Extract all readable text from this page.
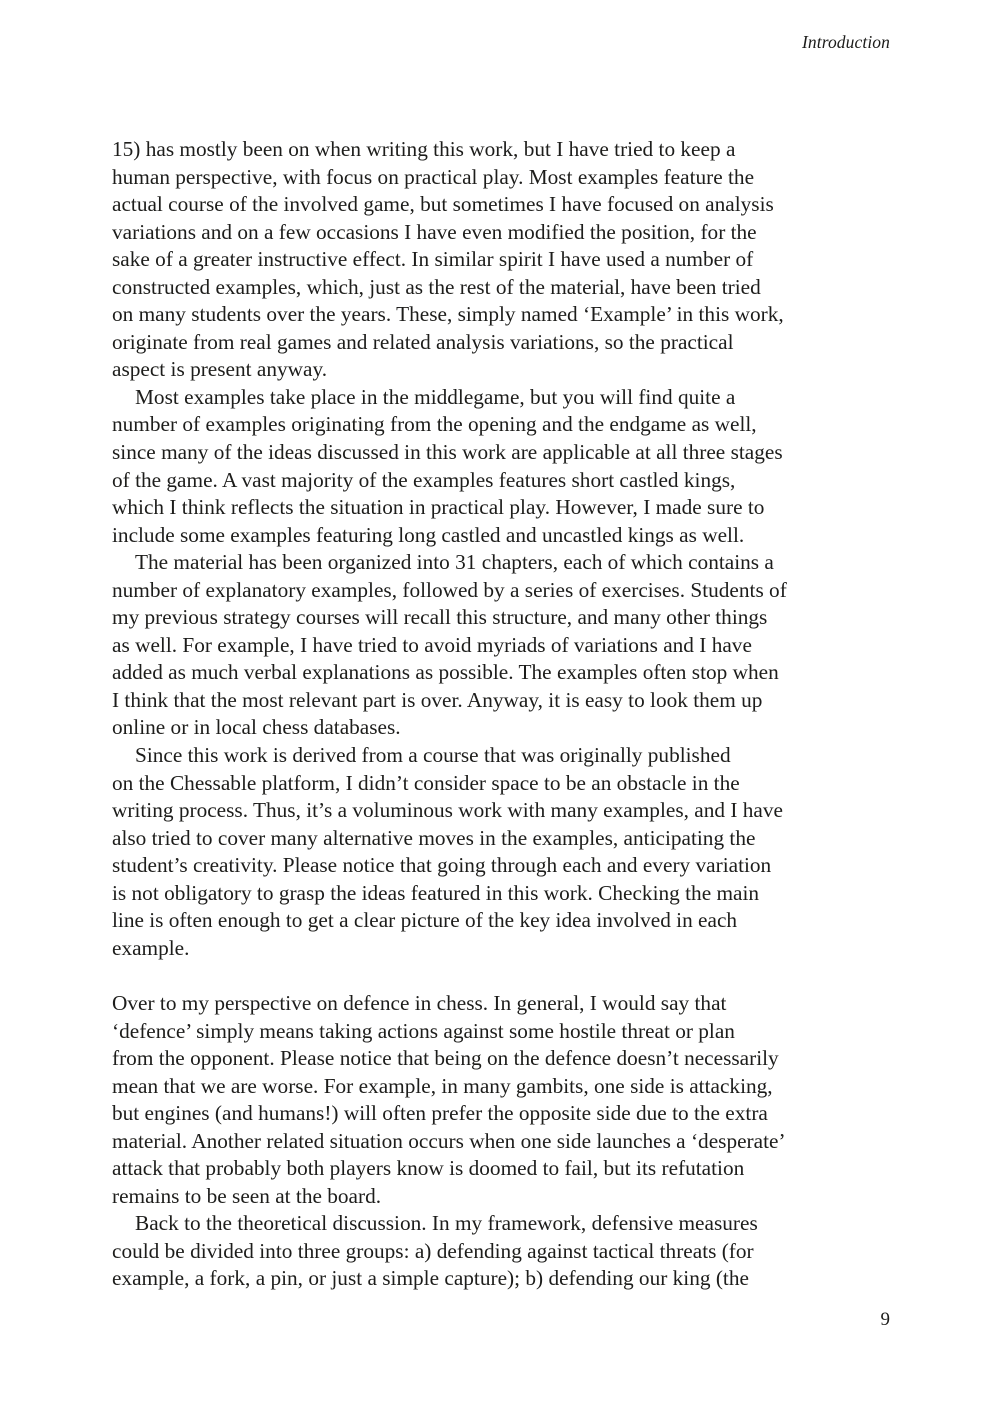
Introduction

15) has mostly been on when writing this work, but I have tried to keep a
human perspective, with focus on practical play. Most examples feature the
actual course of the involved game, but sometimes I have focused on analysis
variations and on a few occasions I have even modified the position, for the
sake of a greater instructive effect. In similar spirit I have used a number of
constructed examples, which, just as the rest of the material, have been tried
on many students over the years. These, simply named ‘Example’ in this work,
originate from real games and related analysis variations, so the practical
aspect is present anyway.

Most examples take place in the middlegame, but you will find quite a
number of examples originating from the opening and the endgame as well,
since many of the ideas discussed in this work are applicable at all three stages
of the game. A vast majority of the examples features short castled kings,
which I think reflects the situation in practical play. However, I made sure to
include some examples featuring long castled and uncastled kings as well.

The material has been organized into 31 chapters, each of which contains a
number of explanatory examples, followed by a series of exercises. Students of
my previous strategy courses will recall this structure, and many other things
as well. For example, I have tried to avoid myriads of variations and I have
added as much verbal explanations as possible. The examples often stop when
I think that the most relevant part is over. Anyway, it is easy to look them up
online or in local chess databases.

Since this work is derived from a course that was originally published
on the Chessable platform, I didn’t consider space to be an obstacle in the
writing process. Thus, it’s a voluminous work with many examples, and I have
also tried to cover many alternative moves in the examples, anticipating the
student’s creativity. Please notice that going through each and every variation
is not obligatory to grasp the ideas featured in this work. Checking the main
line is often enough to get a clear picture of the key idea involved in each
example.

Over to my perspective on defence in chess. In general, I would say that
‘defence’ simply means taking actions against some hostile threat or plan
from the opponent. Please notice that being on the defence doesn’t necessarily
mean that we are worse. For example, in many gambits, one side is attacking,
but engines (and humans!) will often prefer the opposite side due to the extra
material. Another related situation occurs when one side launches a ‘desperate’
attack that probably both players know is doomed to fail, but its refutation
remains to be seen at the board.

Back to the theoretical discussion. In my framework, defensive measures
could be divided into three groups: a) defending against tactical threats (for
example, a fork, a pin, or just a simple capture); b) defending our king (the

9
